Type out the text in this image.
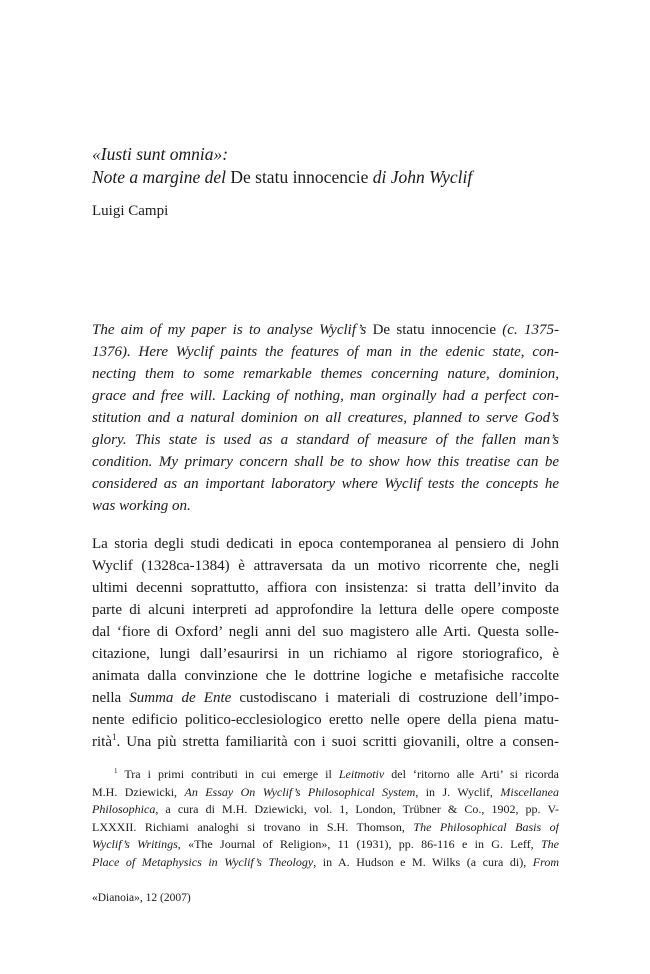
«Iusti sunt omnia»:
Note a margine del De statu innocencie di John Wyclif
Luigi Campi
The aim of my paper is to analyse Wyclif’s De statu innocencie (c. 1375-
1376). Here Wyclif paints the features of man in the edenic state, con-
necting them to some remarkable themes concerning nature, dominion,
grace and free will. Lacking of nothing, man orginally had a perfect con-
stitution and a natural dominion on all creatures, planned to serve God’s
glory. This state is used as a standard of measure of the fallen man’s
condition. My primary concern shall be to show how this treatise can be
considered as an important laboratory where Wyclif tests the concepts he
was working on.
La storia degli studi dedicati in epoca contemporanea al pensiero di John
Wyclif (1328ca-1384) è attraversata da un motivo ricorrente che, negli
ultimi decenni soprattutto, affiora con insistenza: si tratta dell’invito da
parte di alcuni interpreti ad approfondire la lettura delle opere composte
dal ‘fiore di Oxford’ negli anni del suo magistero alle Arti. Questa solle-
citazione, lungi dall’esaurirsi in un richiamo al rigore storiografico, è
animata dalla convinzione che le dottrine logiche e metafisiche raccolte
nella Summa de Ente custodiscano i materiali di costruzione dell’impo-
nente edificio politico-ecclesiologico eretto nelle opere della piena matu-
rità$^1$. Una più stretta familiarità con i suoi scritti giovanili, oltre a consen-
$^1$ Tra i primi contributi in cui emerge il Leitmotiv del ‘ritorno alle Arti’ si ricorda
M.H. Dziewicki, An Essay On Wyclif’s Philosophical System, in J. Wyclif, Miscellanea
Philosophica, a cura di M.H. Dziewicki, vol. 1, London, Trübner & Co., 1902, pp. V-
LXXXII. Richiami analoghi si trovano in S.H. Thomson, The Philosophical Basis of
Wyclif’s Writings, «The Journal of Religion», 11 (1931), pp. 86-116 e in G. Leff, The
Place of Metaphysics in Wyclif’s Theology, in A. Hudson e M. Wilks (a cura di), From
«Dianoia», 12 (2007)
